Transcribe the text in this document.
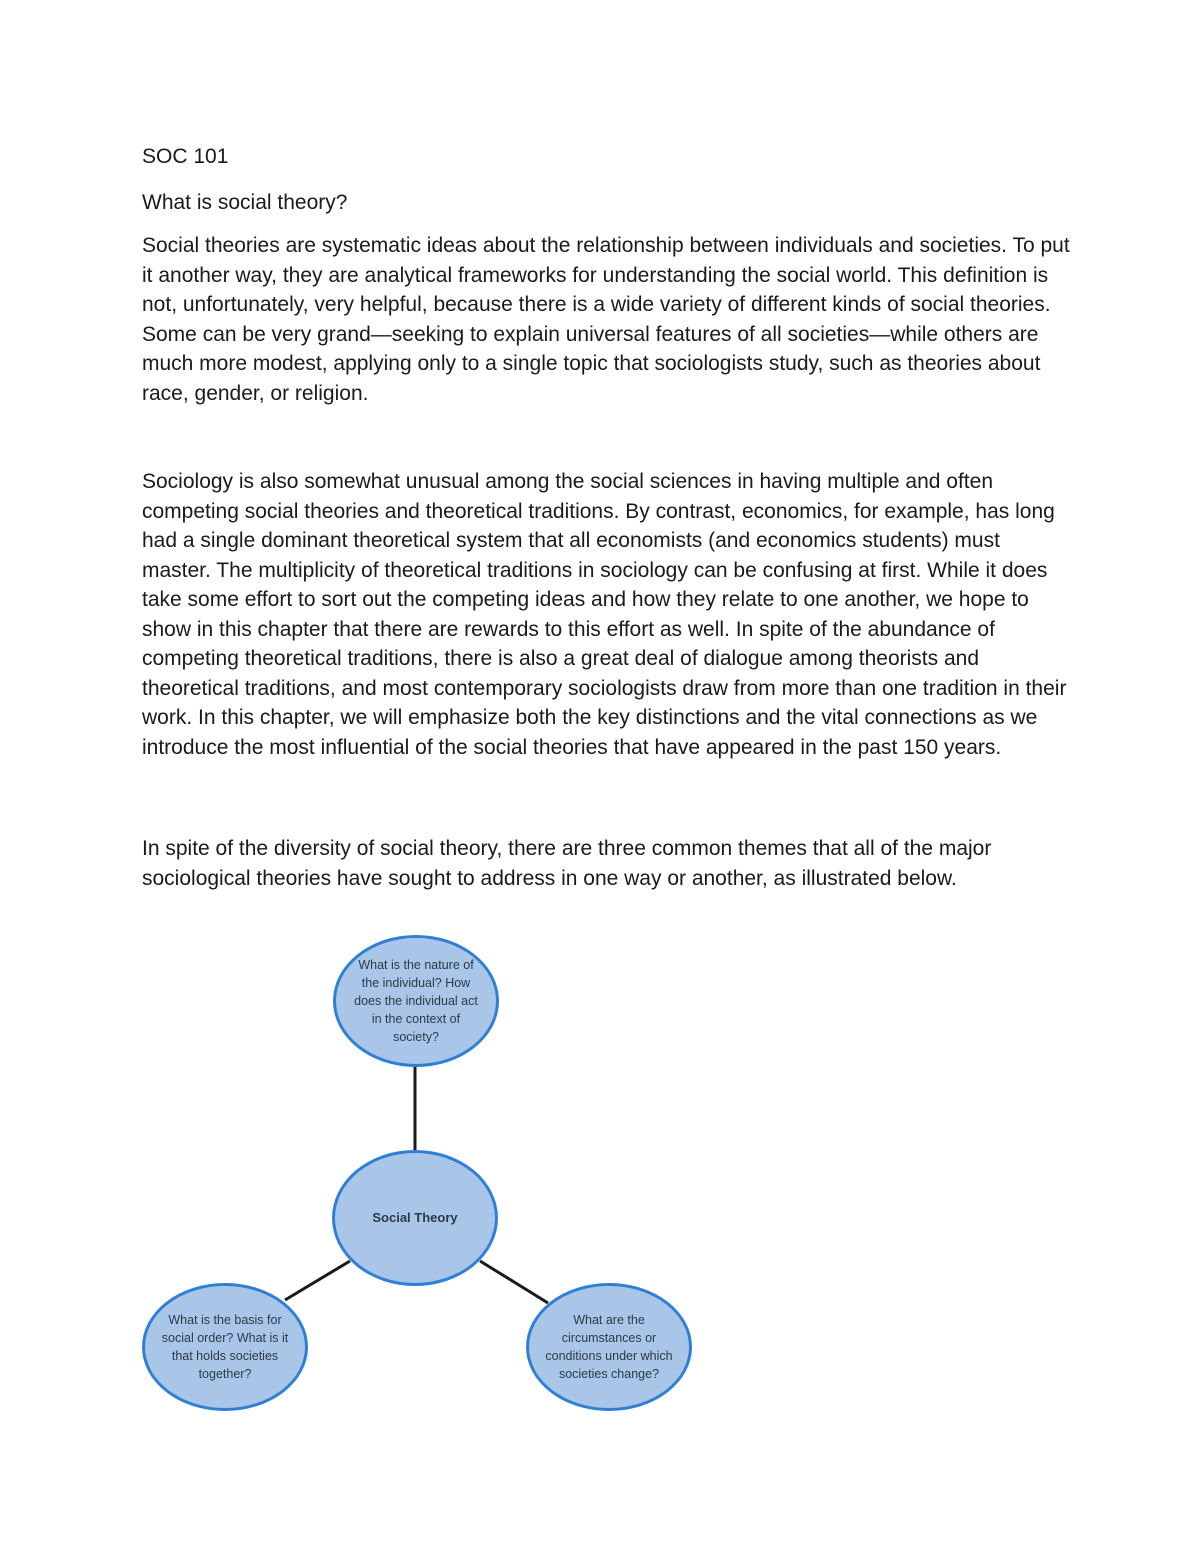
SOC 101

What is social theory?

Social theories are systematic ideas about the relationship between individuals and societies. To put it another way, they are analytical frameworks for understanding the social world. This definition is not, unfortunately, very helpful, because there is a wide variety of different kinds of social theories. Some can be very grand—seeking to explain universal features of all societies—while others are much more modest, applying only to a single topic that sociologists study, such as theories about race, gender, or religion.

Sociology is also somewhat unusual among the social sciences in having multiple and often competing social theories and theoretical traditions. By contrast, economics, for example, has long had a single dominant theoretical system that all economists (and economics students) must master. The multiplicity of theoretical traditions in sociology can be confusing at first. While it does take some effort to sort out the competing ideas and how they relate to one another, we hope to show in this chapter that there are rewards to this effort as well. In spite of the abundance of competing theoretical traditions, there is also a great deal of dialogue among theorists and theoretical traditions, and most contemporary sociologists draw from more than one tradition in their work. In this chapter, we will emphasize both the key distinctions and the vital connections as we introduce the most influential of the social theories that have appeared in the past 150 years.

In spite of the diversity of social theory, there are three common themes that all of the major sociological theories have sought to address in one way or another, as illustrated below.

What is the nature of the individual? How does the individual act in the context of society?
Social Theory
What is the basis for social order? What is it that holds societies together?
What are the circumstances or conditions under which societies change?
